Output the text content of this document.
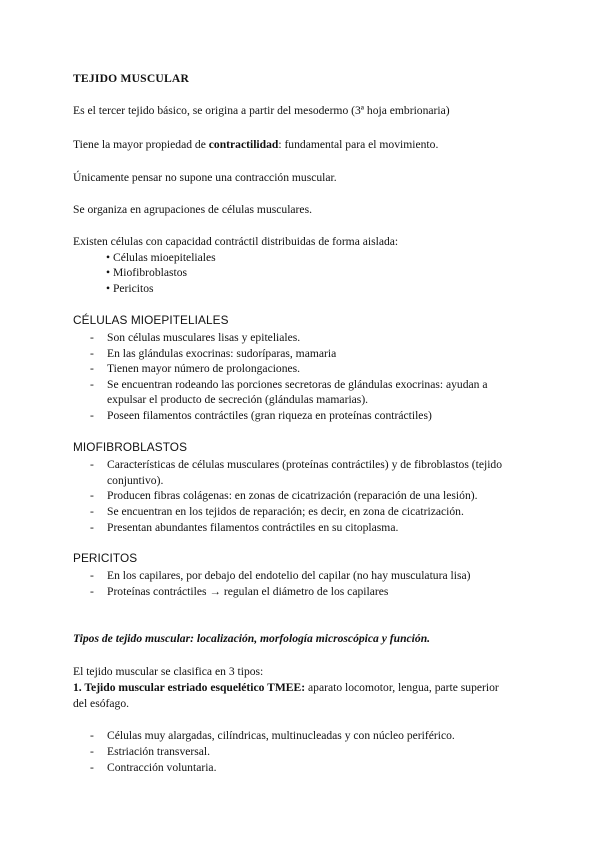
TEJIDO MUSCULAR
Es el tercer tejido básico, se origina a partir del mesodermo (3ª hoja embrionaria)
Tiene la mayor propiedad de contractilidad: fundamental para el movimiento.
Únicamente pensar no supone una contracción muscular.
Se organiza en agrupaciones de células musculares.
Existen células con capacidad contráctil distribuidas de forma aislada:
• Células mioepiteliales
• Miofibroblastos
• Pericitos
CÉLULAS MIOEPITELIALES
- Son células musculares lisas y epiteliales.
- En las glándulas exocrinas: sudoríparas, mamaria
- Tienen mayor número de prolongaciones.
- Se encuentran rodeando las porciones secretoras de glándulas exocrinas: ayudan a
expulsar el producto de secreción (glándulas mamarias).
- Poseen filamentos contráctiles (gran riqueza en proteínas contráctiles)
MIOFIBROBLASTOS
- Características de células musculares (proteínas contráctiles) y de fibroblastos (tejido
conjuntivo).
- Producen fibras colágenas: en zonas de cicatrización (reparación de una lesión).
- Se encuentran en los tejidos de reparación; es decir, en zona de cicatrización.
- Presentan abundantes filamentos contráctiles en su citoplasma.
PERICITOS
- En los capilares, por debajo del endotelio del capilar (no hay musculatura lisa)
- Proteínas contráctiles → regulan el diámetro de los capilares
Tipos de tejido muscular: localización, morfología microscópica y función.
El tejido muscular se clasifica en 3 tipos:
1. Tejido muscular estriado esquelético TMEE: aparato locomotor, lengua, parte superior
del esófago.
- Células muy alargadas, cilíndricas, multinucleadas y con núcleo periférico.
- Estriación transversal.
- Contracción voluntaria.
